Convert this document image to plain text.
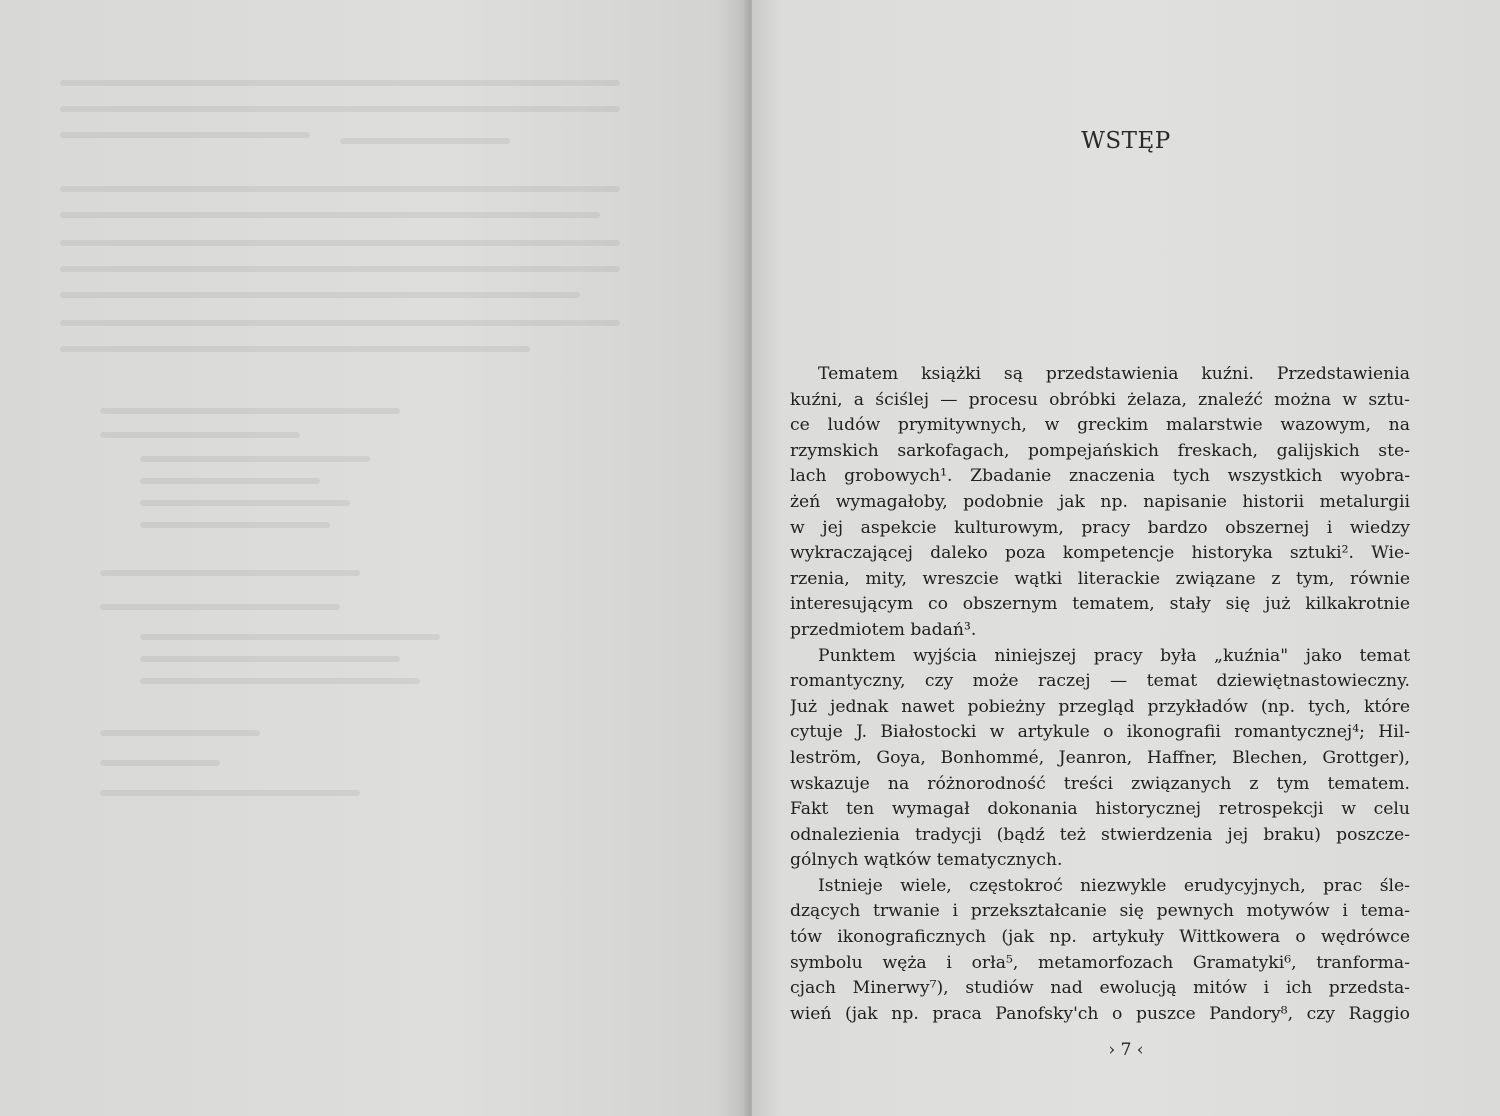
WSTĘP
Tematem książki są przedstawienia kuźni. Przedstawienia
kuźni, a ściślej — procesu obróbki żelaza, znaleźć można w sztu-
ce ludów prymitywnych, w greckim malarstwie wazowym, na
rzymskich sarkofagach, pompejańskich freskach, galijskich ste-
lach grobowych¹. Zbadanie znaczenia tych wszystkich wyobra-
żeń wymagałoby, podobnie jak np. napisanie historii metalurgii
w jej aspekcie kulturowym, pracy bardzo obszernej i wiedzy
wykraczającej daleko poza kompetencje historyka sztuki². Wie-
rzenia, mity, wreszcie wątki literackie związane z tym, równie
interesującym co obszernym tematem, stały się już kilkakrotnie
przedmiotem badań³.
Punktem wyjścia niniejszej pracy była „kuźnia" jako temat
romantyczny, czy może raczej — temat dziewiętnastowieczny.
Już jednak nawet pobieżny przegląd przykładów (np. tych, które
cytuje J. Białostocki w artykule o ikonografii romantycznej⁴; Hil-
leström, Goya, Bonhommé, Jeanron, Haffner, Blechen, Grottger),
wskazuje na różnorodność treści związanych z tym tematem.
Fakt ten wymagał dokonania historycznej retrospekcji w celu
odnalezienia tradycji (bądź też stwierdzenia jej braku) poszcze-
gólnych wątków tematycznych.
Istnieje wiele, częstokroć niezwykle erudycyjnych, prac śle-
dzących trwanie i przekształcanie się pewnych motywów i tema-
tów ikonograficznych (jak np. artykuły Wittkowera o wędrówce
symbolu węża i orła⁵, metamorfozach Gramatyki⁶, tranforma-
cjach Minerwy⁷), studiów nad ewolucją mitów i ich przedsta-
wień (jak np. praca Panofsky'ch o puszce Pandory⁸, czy Raggio
› 7 ‹
